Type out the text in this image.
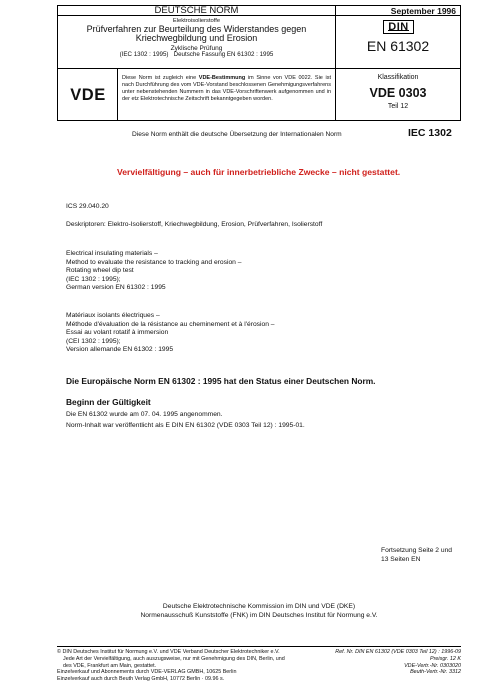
DEUTSCHE NORM	September 1996
Elektroisolierstoffe
Prüfverfahren zur Beurteilung des Widerstandes gegen
Kriechwegbildung und Erosion
Zyklische Prüfung
(IEC 1302 : 1995) Deutsche Fassung EN 61302 : 1995
DIN
EN 61302
VDE
Diese Norm ist zugleich eine VDE-Bestimmung im Sinne von VDE 0022. Sie ist nach Durchführung des vom VDE-Vorstand beschlossenen Genehmigungsverfahrens unter nebenstehenden Nummern in das VDE-Vorschriftenwerk aufgenommen und in der etz Elektrotechnische Zeitschrift bekanntgegeben worden.
Klassifikation
VDE 0303
Teil 12
Diese Norm enthält die deutsche Übersetzung der Internationalen Norm	IEC 1302
Vervielfältigung – auch für innerbetriebliche Zwecke – nicht gestattet.
ICS 29.040.20
Deskriptoren: Elektro-Isolierstoff, Kriechwegbildung, Erosion, Prüfverfahren, Isolierstoff
Electrical insulating materials –
Method to evaluate the resistance to tracking and erosion –
Rotating wheel dip test
(IEC 1302 : 1995);
German version EN 61302 : 1995
Matériaux isolants électriques –
Méthode d'évaluation de la résistance au cheminement et à l'érosion –
Essai au volant rotatif à immersion
(CEI 1302 : 1995);
Version allemande EN 61302 : 1995
Die Europäische Norm EN 61302 : 1995 hat den Status einer Deutschen Norm.
Beginn der Gültigkeit
Die EN 61302 wurde am 07. 04. 1995 angenommen.
Norm-Inhalt war veröffentlicht als E DIN EN 61302 (VDE 0303 Teil 12) : 1995-01.
Fortsetzung Seite 2 und
13 Seiten EN
Deutsche Elektrotechnische Kommission im DIN und VDE (DKE)
Normenausschuß Kunststoffe (FNK) im DIN Deutsches Institut für Normung e.V.
© DIN Deutsches Institut für Normung e.V. und VDE Verband Deutscher Elektrotechniker e.V.
Jede Art der Vervielfältigung, auch auszugsweise, nur mit Genehmigung des DIN, Berlin, und
des VDE, Frankfurt am Main, gestattet.
Einzelverkauf und Abonnements durch VDE-VERLAG GMBH, 10625 Berlin
Einzelverkauf auch durch Beuth Verlag GmbH, 10772 Berlin · 09.96 s.
Ref. Nr. DIN EN 61302 (VDE 0303 Teil 12) : 1996-09
Preisgr. 12 K
VDE-Vertr.-Nr. 0303020
Beuth-Vertr.-Nr. 3312
